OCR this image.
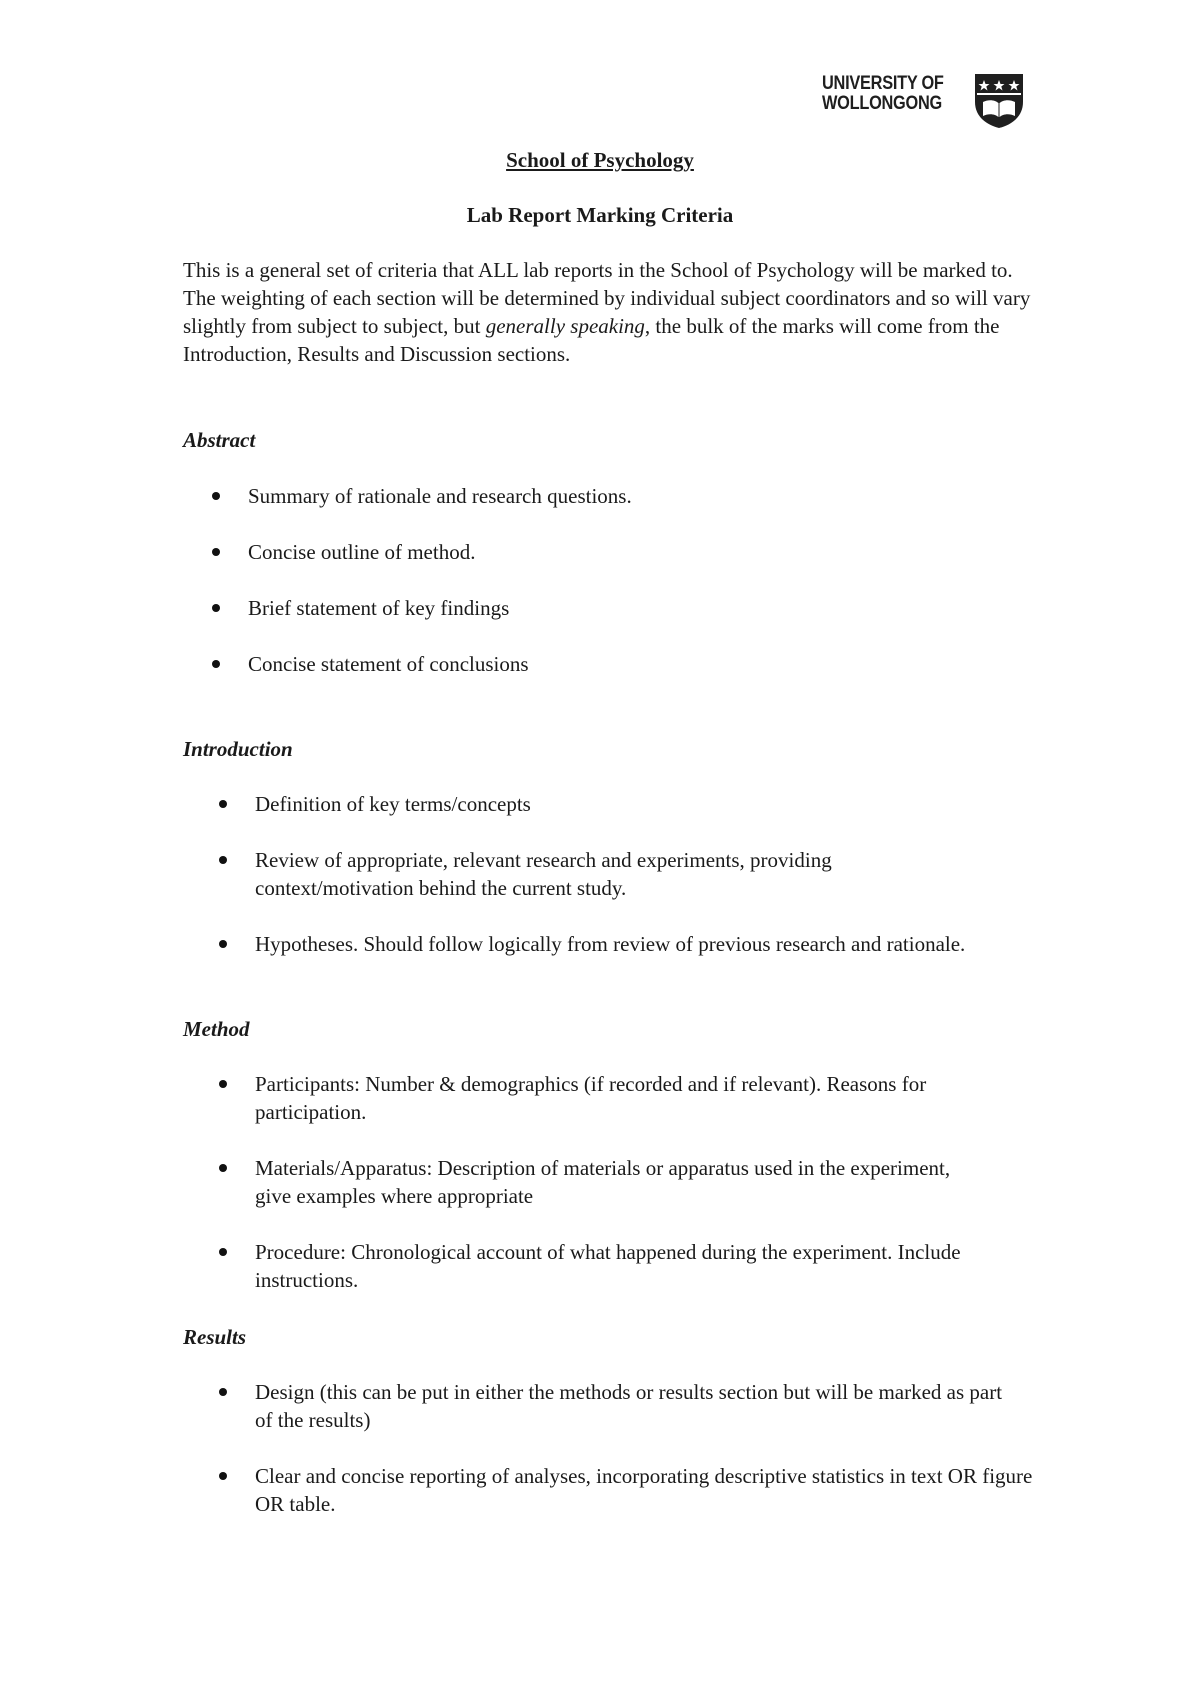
UNIVERSITY OF
WOLLONGONG
School of Psychology
Lab Report Marking Criteria

This is a general set of criteria that ALL lab reports in the School of Psychology will be marked to. The weighting of each section will be determined by individual subject coordinators and so will vary slightly from subject to subject, but generally speaking, the bulk of the marks will come from the Introduction, Results and Discussion sections.

Abstract
Summary of rationale and research questions.
Concise outline of method.
Brief statement of key findings
Concise statement of conclusions
Introduction
Definition of key terms/concepts
Review of appropriate, relevant research and experiments, providing context/motivation behind the current study.
Hypotheses. Should follow logically from review of previous research and rationale.
Method
Participants: Number & demographics (if recorded and if relevant). Reasons for participation.
Materials/Apparatus: Description of materials or apparatus used in the experiment, give examples where appropriate
Procedure: Chronological account of what happened during the experiment. Include instructions.
Results
Design (this can be put in either the methods or results section but will be marked as part of the results)
Clear and concise reporting of analyses, incorporating descriptive statistics in text OR figure OR table.
